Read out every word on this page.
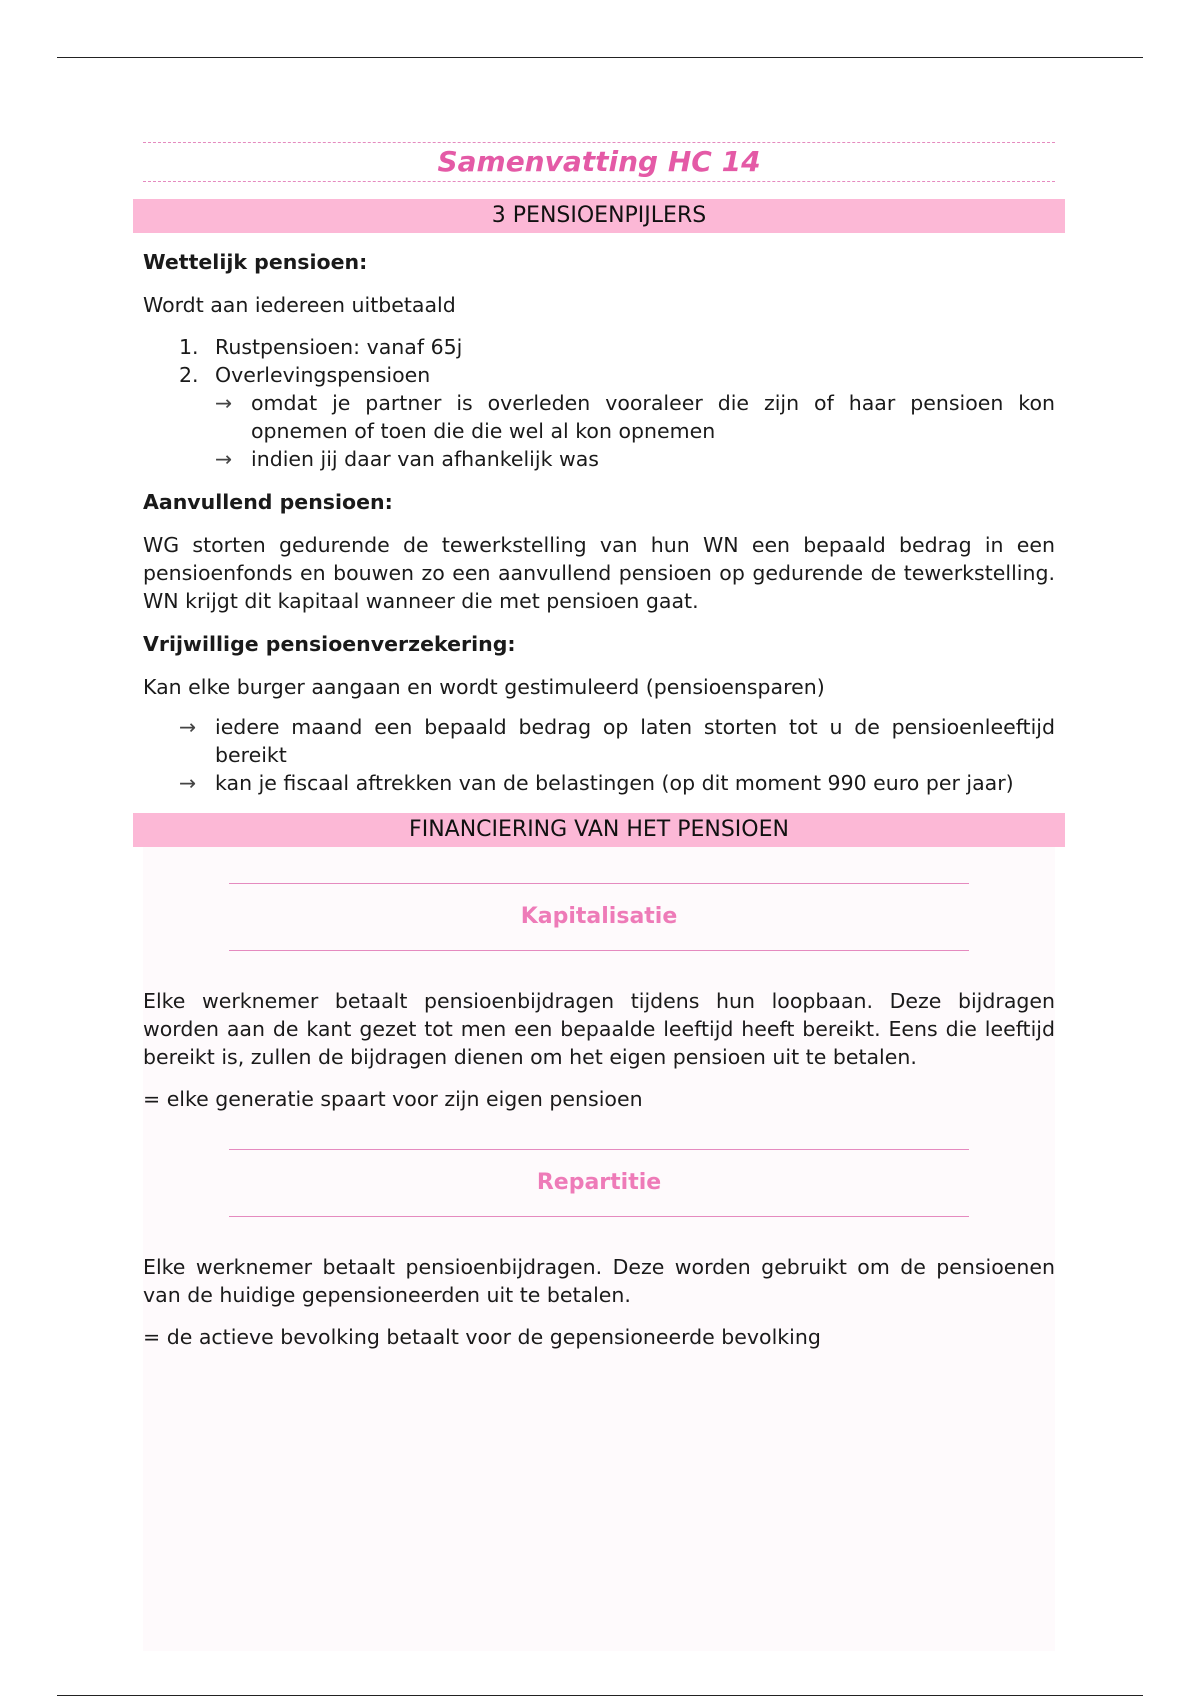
Samenvatting HC 14
3 PENSIOENPIJLERS
Wettelijk pensioen:
Wordt aan iedereen uitbetaald
1. Rustpensioen: vanaf 65j
2. Overlevingspensioen
→ omdat je partner is overleden vooraleer die zijn of haar pensioen kon opnemen of toen die die wel al kon opnemen
→ indien jij daar van afhankelijk was
Aanvullend pensioen:
WG storten gedurende de tewerkstelling van hun WN een bepaald bedrag in een pensioenfonds en bouwen zo een aanvullend pensioen op gedurende de tewerkstelling. WN krijgt dit kapitaal wanneer die met pensioen gaat.
Vrijwillige pensioenverzekering:
Kan elke burger aangaan en wordt gestimuleerd (pensioensparen)
→ iedere maand een bepaald bedrag op laten storten tot u de pensioenleeftijd bereikt
→ kan je fiscaal aftrekken van de belastingen (op dit moment 990 euro per jaar)
FINANCIERING VAN HET PENSIOEN
Kapitalisatie
Elke werknemer betaalt pensioenbijdragen tijdens hun loopbaan. Deze bijdragen worden aan de kant gezet tot men een bepaalde leeftijd heeft bereikt. Eens die leeftijd bereikt is, zullen de bijdragen dienen om het eigen pensioen uit te betalen.
= elke generatie spaart voor zijn eigen pensioen
Repartitie
Elke werknemer betaalt pensioenbijdragen. Deze worden gebruikt om de pensioenen van de huidige gepensioneerden uit te betalen.
= de actieve bevolking betaalt voor de gepensioneerde bevolking
